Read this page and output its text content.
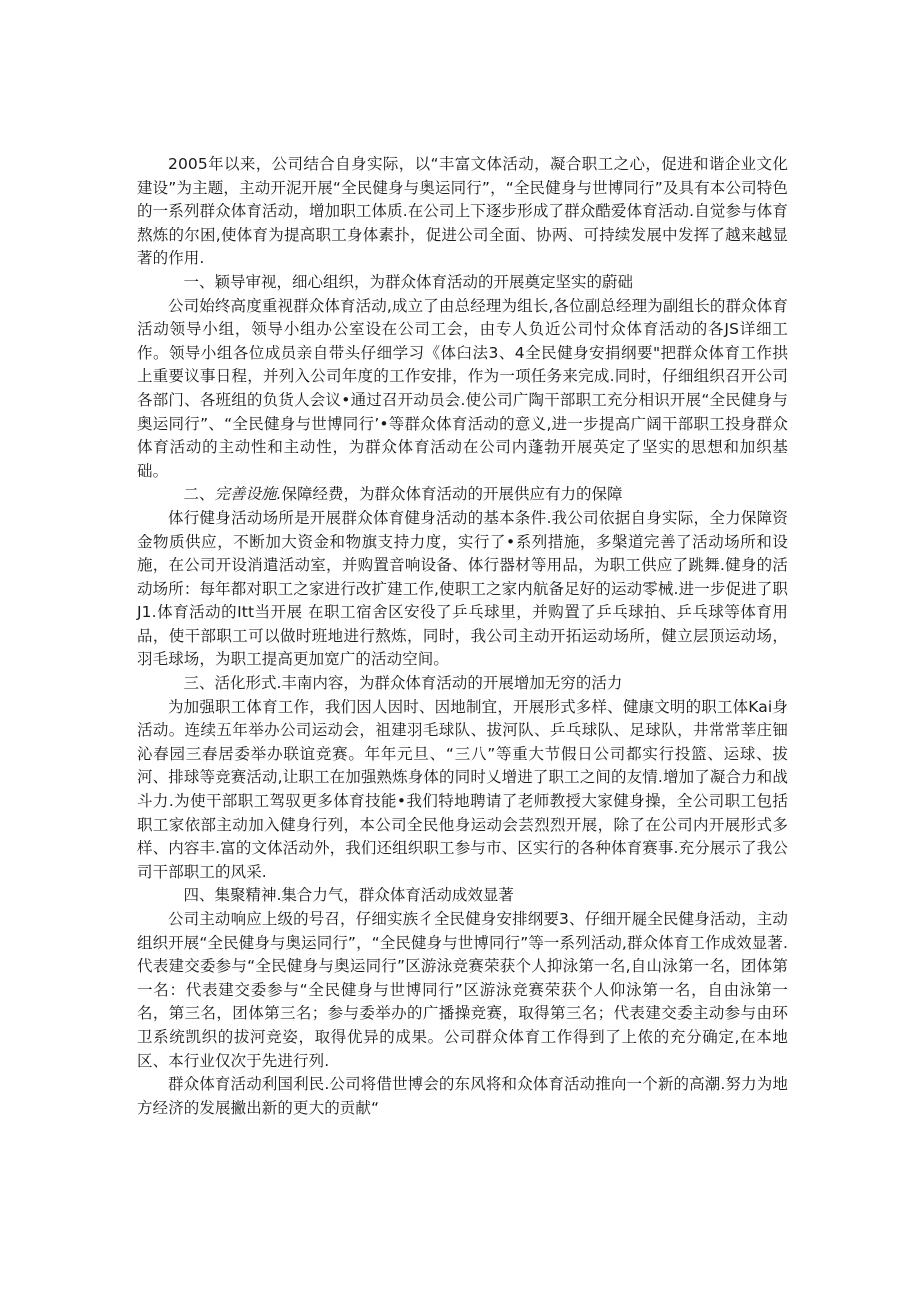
2005年以来，公司结合自身实际，以“丰富文体活动，凝合职工之心，促进和谐企业文化建设”为主题，主动开泥开展“全民健身与奥运同行”，“全民健身与世博同行”及具有本公司特色的一系列群众体育活动，增加职工体质.在公司上下逐步形成了群众酷爱体育活动.自觉参与体育熬炼的尔困,使体育为提高职工身体素扑，促进公司全面、协两、可持续发展中发挥了越来越显著的作用.

一、颖导审视，细心组织，为群众体育活动的开展奠定坚实的蔚础

公司始终高度重视群众体育活动,成立了由总经理为组长,各位副总经理为副组长的群众体育活动领导小组，领导小组办公室设在公司工会，由专人负近公司忖众体育活动的各JS详细工作。领导小组各位成员亲自带头仔细学习《体臼法3、4全民健身安捐纲要"把群众体育工作拱上重要议事日程，并列入公司年度的工作安排，作为一项任务来完成.同时，仔细组织召开公司各部门、各班组的负货人会议•通过召开动员会.使公司广陶干部职工充分相识开展“全民健身与奥运同行”、“全民健身与世博同行’•等群众体育活动的意义,进一步提高广阔干部职工投身群众体育活动的主动性和主动性，为群众体育活动在公司内蓬勃开展英定了坚实的思想和加织基础。

二、完善设施.保障经费，为群众体育活动的开展供应有力的保障

体行健身活动场所是开展群众体育健身活动的基本条件.我公司依据自身实际，全力保障资金物质供应，不断加大资金和物旗支持力度，实行了•系列措施，多槃道完善了活动场所和设施，在公司开设消遣活动室，并购置音响设备、体行器材等用品，为职工供应了跳舞.健身的活动场所：每年都对职工之家进行改扩建工作,使职工之家内航备足好的运动零械.进一步促进了职J1.体育活动的Itt当开展 在职工宿舍区安役了乒乓球里，并购置了乒乓球拍、乒乓球等体育用品，使干部职工可以做时班地进行熬炼，同时，我公司主动开拓运动场所，健立层顶运动场，羽毛球场，为职工提高更加宽广的活动空间。

三、活化形式.丰南内容，为群众体育活动的开展增加无穷的活力

为加强职工体育工作，我们因人因时、因地制宜，开展形式多样、健康文明的职工体Kai身活动。连续五年举办公司运动会，祖建羽毛球队、拔河队、乒乓球队、足球队，井常常莘庄钿沁春园三春居委举办联谊竞赛。年年元旦、“三八”等重大节假日公司都实行投篮、运球、拔河、排球等竞赛活动,让职工在加强熟炼身体的同时乂增进了职工之间的友情.增加了凝合力和战斗力.为使干部职工驾驭更多体育技能•我们特地聘请了老师教授大家健身操，全公司职工包括职工家依部主动加入健身行列，本公司全民他身运动会芸烈烈开展，除了在公司内开展形式多样、内容丰.富的文体活动外，我们还组织职工参与市、区实行的各种体育赛事.充分展示了我公司干部职工的风采.

四、集聚精神.集合力气，群众体育活动成效显著

公司主动响应上级的号召，仔细实族彳全民健身安排纲要3、仔细开屣全民健身活动，主动组织开展“全民健身与奥运同行”，“全民健身与世博同行”等一系列活动,群众体育工作成效显著.代表建交委参与“全民健身与奥运同行”区游泳竞赛荣获个人抑泳第一名,自山泳第一名，团体第一名：代表建交委参与“全民健身与世博同行”区游泳竞赛荣获个人仰泳第一名，自由泳第一名，第三名，团体第三名；参与委举办的广播操竞赛，取得第三名；代表建交委主动参与由环卫系统凯织的拔河竞姿，取得优异的成果。公司群众体育工作得到了上侬的充分确定,在本地区、本行业仅次于先进行列.

群众体育活动利国利民.公司将借世博会的东风将和众体育活动推向一个新的高潮.努力为地方经济的发展撇出新的更大的贡献“
